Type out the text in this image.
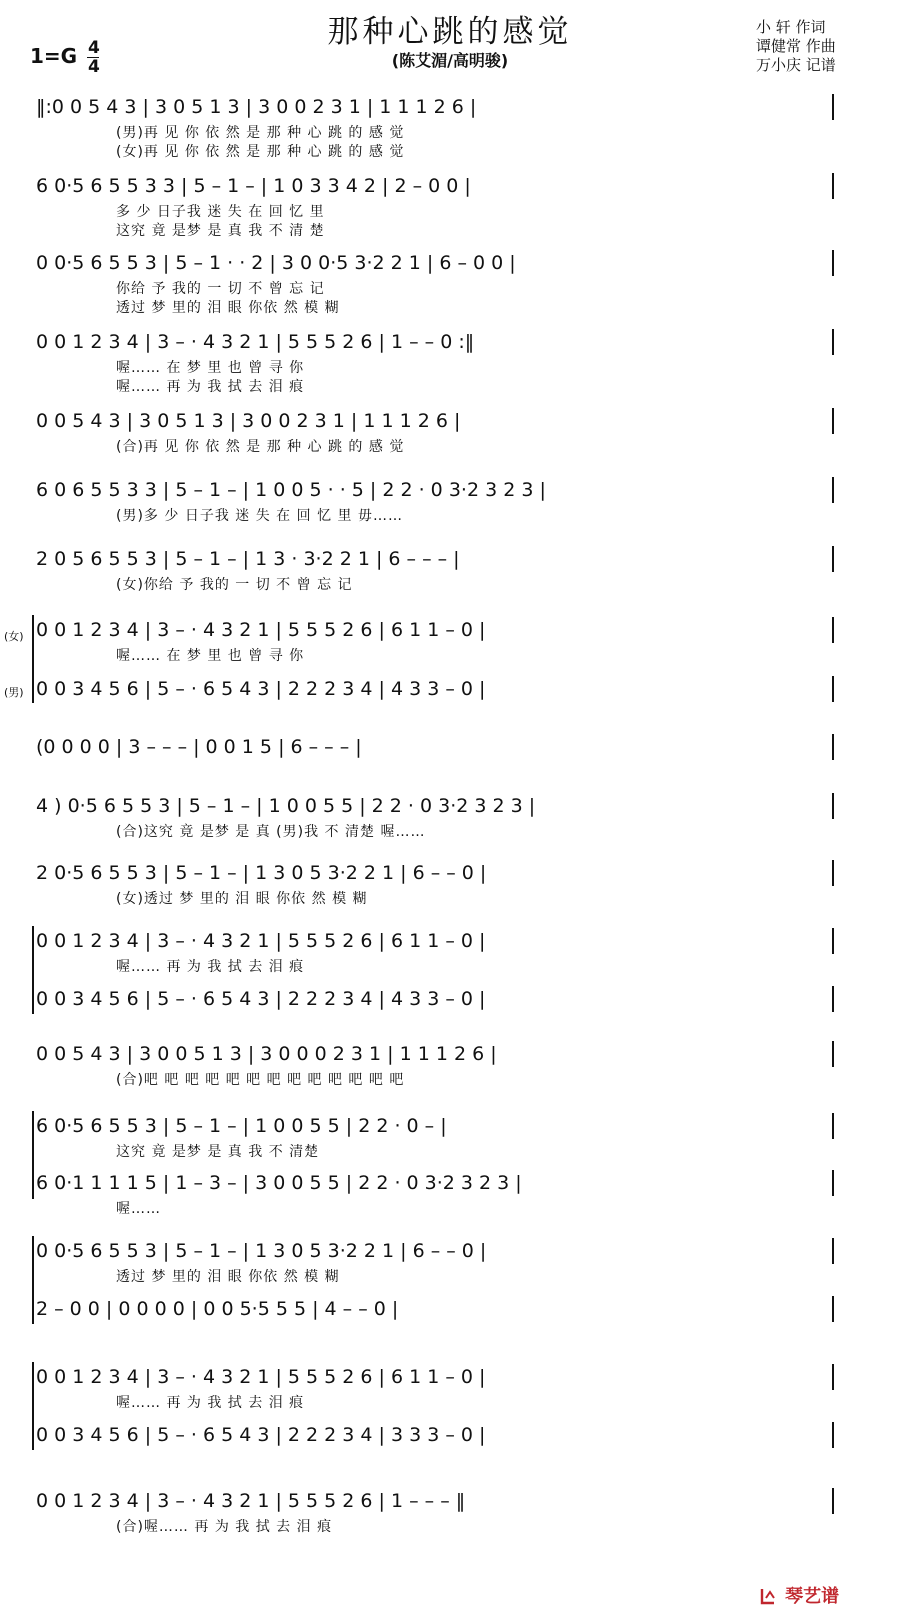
那种心跳的感觉
(陈艾湄/高明骏)
1=G 4
4
小 轩 作词
谭健常 作曲
万小庆 记谱
‖:0 0 5 4 3 | 3 0 5 1 3 | 3 0 0 2 3 1 | 1 1 1 2 6 |
(男)再 见 你 依 然 是 那 种 心 跳 的 感 觉
(女)再 见 你 依 然 是 那 种 心 跳 的 感 觉
6 0·5 6 5 5 3 3 | 5 – 1 – | 1 0 3 3 4 2 | 2 – 0 0 |
多 少 日子我 迷 失 在 回 忆 里
这究 竟 是梦 是 真 我 不 清 楚
0 0·5 6 5 5 3 | 5 – 1 · · 2 | 3 0 0·5 3·2 2 1 | 6 – 0 0 |
你给 予 我的 一 切 不 曾 忘 记
透过 梦 里的 泪 眼 你依 然 模 糊
0 0 1 2 3 4 | 3 – · 4 3 2 1 | 5 5 5 2 6 | 1 – – 0 :‖
喔…… 在 梦 里 也 曾 寻 你
喔…… 再 为 我 拭 去 泪 痕
0 0 5 4 3 | 3 0 5 1 3 | 3 0 0 2 3 1 | 1 1 1 2 6 |
(合)再 见 你 依 然 是 那 种 心 跳 的 感 觉
6 0 6 5 5 3 3 | 5 – 1 – | 1 0 0 5 · · 5 | 2 2 · 0 3·2 3 2 3 |
(男)多 少 日子我 迷 失 在 回 忆 里 毋……
2 0 5 6 5 5 3 | 5 – 1 – | 1 3 · 3·2 2 1 | 6 – – – |
(女)你给 予 我的 一 切 不 曾 忘 记
0 0 1 2 3 4 | 3 – · 4 3 2 1 | 5 5 5 2 6 | 6 1 1 – 0 |
喔…… 在 梦 里 也 曾 寻 你
0 0 3 4 5 6 | 5 – · 6 5 4 3 | 2 2 2 3 4 | 4 3 3 – 0 |
(0 0 0 0 | 3 – – – | 0 0 1 5 | 6 – – – |
4 ) 0·5 6 5 5 3 | 5 – 1 – | 1 0 0 5 5 | 2 2 · 0 3·2 3 2 3 |
(合)这究 竟 是梦 是 真 (男)我 不 清楚 喔……
2 0·5 6 5 5 3 | 5 – 1 – | 1 3 0 5 3·2 2 1 | 6 – – 0 |
(女)透过 梦 里的 泪 眼 你依 然 模 糊
0 0 1 2 3 4 | 3 – · 4 3 2 1 | 5 5 5 2 6 | 6 1 1 – 0 |
喔…… 再 为 我 拭 去 泪 痕
0 0 3 4 5 6 | 5 – · 6 5 4 3 | 2 2 2 3 4 | 4 3 3 – 0 |
0 0 5 4 3 | 3 0 0 5 1 3 | 3 0 0 0 2 3 1 | 1 1 1 2 6 |
(合)吧 吧 吧 吧 吧 吧 吧 吧 吧 吧 吧 吧 吧
6 0·5 6 5 5 3 | 5 – 1 – | 1 0 0 5 5 | 2 2 · 0 – |
这究 竟 是梦 是 真 我 不 清楚
6 0·1 1 1 1 5 | 1 – 3 – | 3 0 0 5 5 | 2 2 · 0 3·2 3 2 3 |
喔……
0 0·5 6 5 5 3 | 5 – 1 – | 1 3 0 5 3·2 2 1 | 6 – – 0 |
透过 梦 里的 泪 眼 你依 然 模 糊
2 – 0 0 | 0 0 0 0 | 0 0 5·5 5 5 | 4 – – 0 |
0 0 1 2 3 4 | 3 – · 4 3 2 1 | 5 5 5 2 6 | 6 1 1 – 0 |
喔…… 再 为 我 拭 去 泪 痕
0 0 3 4 5 6 | 5 – · 6 5 4 3 | 2 2 2 3 4 | 3 3 3 – 0 |
0 0 1 2 3 4 | 3 – · 4 3 2 1 | 5 5 5 2 6 | 1 – – – ‖
(合)喔…… 再 为 我 拭 去 泪 痕
(女)
(男)
琴艺谱
